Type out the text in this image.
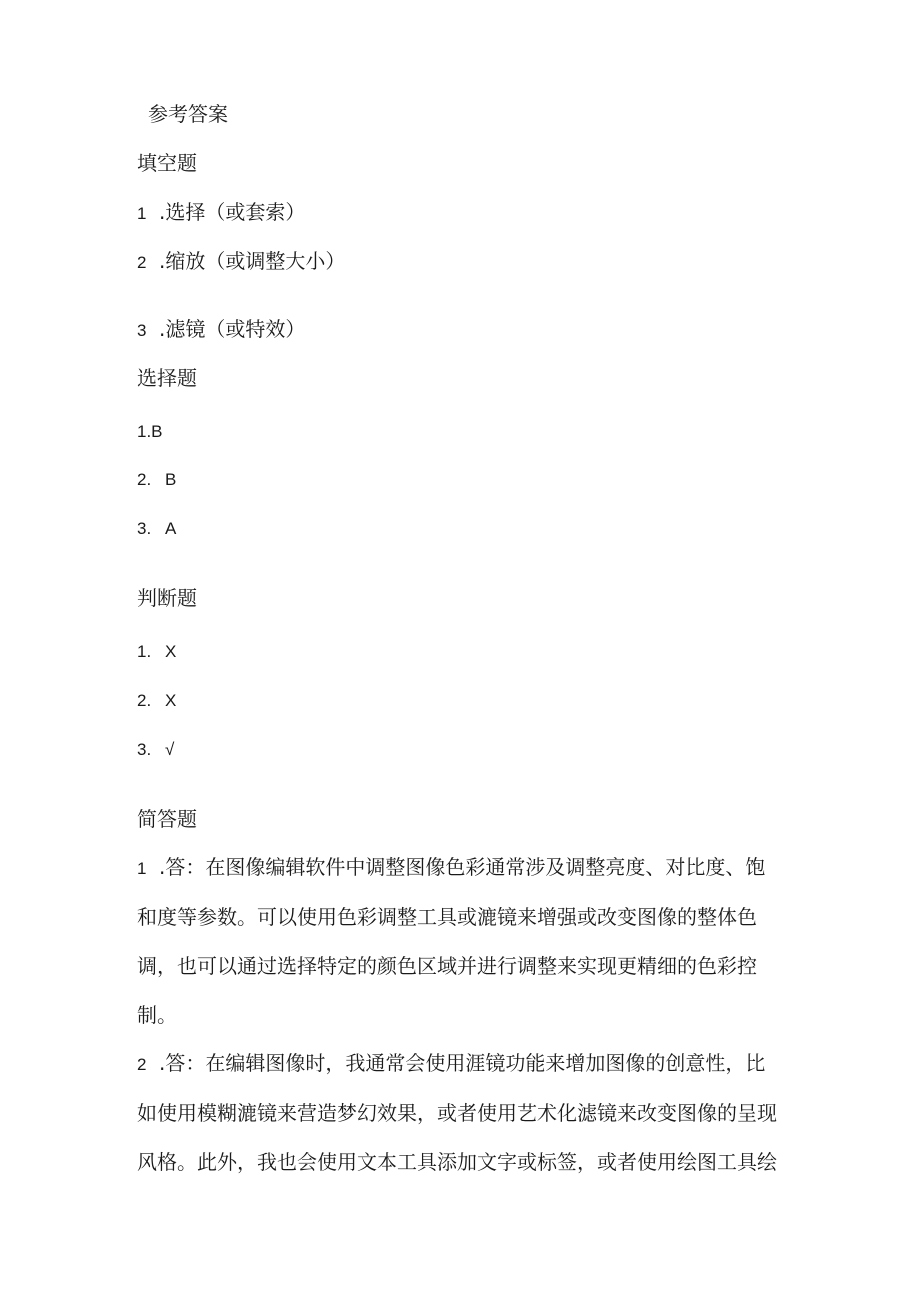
参考答案
填空题
1 .选择（或套索）
2 .缩放（或调整大小）
3 .滤镜（或特效）
选择题
1.B
2. B
3. A
判断题
1. X
2. X
3. √
简答题
1 .答：在图像编辑软件中调整图像色彩通常涉及调整亮度、对比度、饱
和度等参数。可以使用色彩调整工具或漉镜来增强或改变图像的整体色
调，也可以通过选择特定的颜色区域并进行调整来实现更精细的色彩控
制。
2 .答：在编辑图像时，我通常会使用涯镜功能来增加图像的创意性，比
如使用模糊漉镜来营造梦幻效果，或者使用艺术化滤镜来改变图像的呈现
风格。此外，我也会使用文本工具添加文字或标签，或者使用绘图工具绘
